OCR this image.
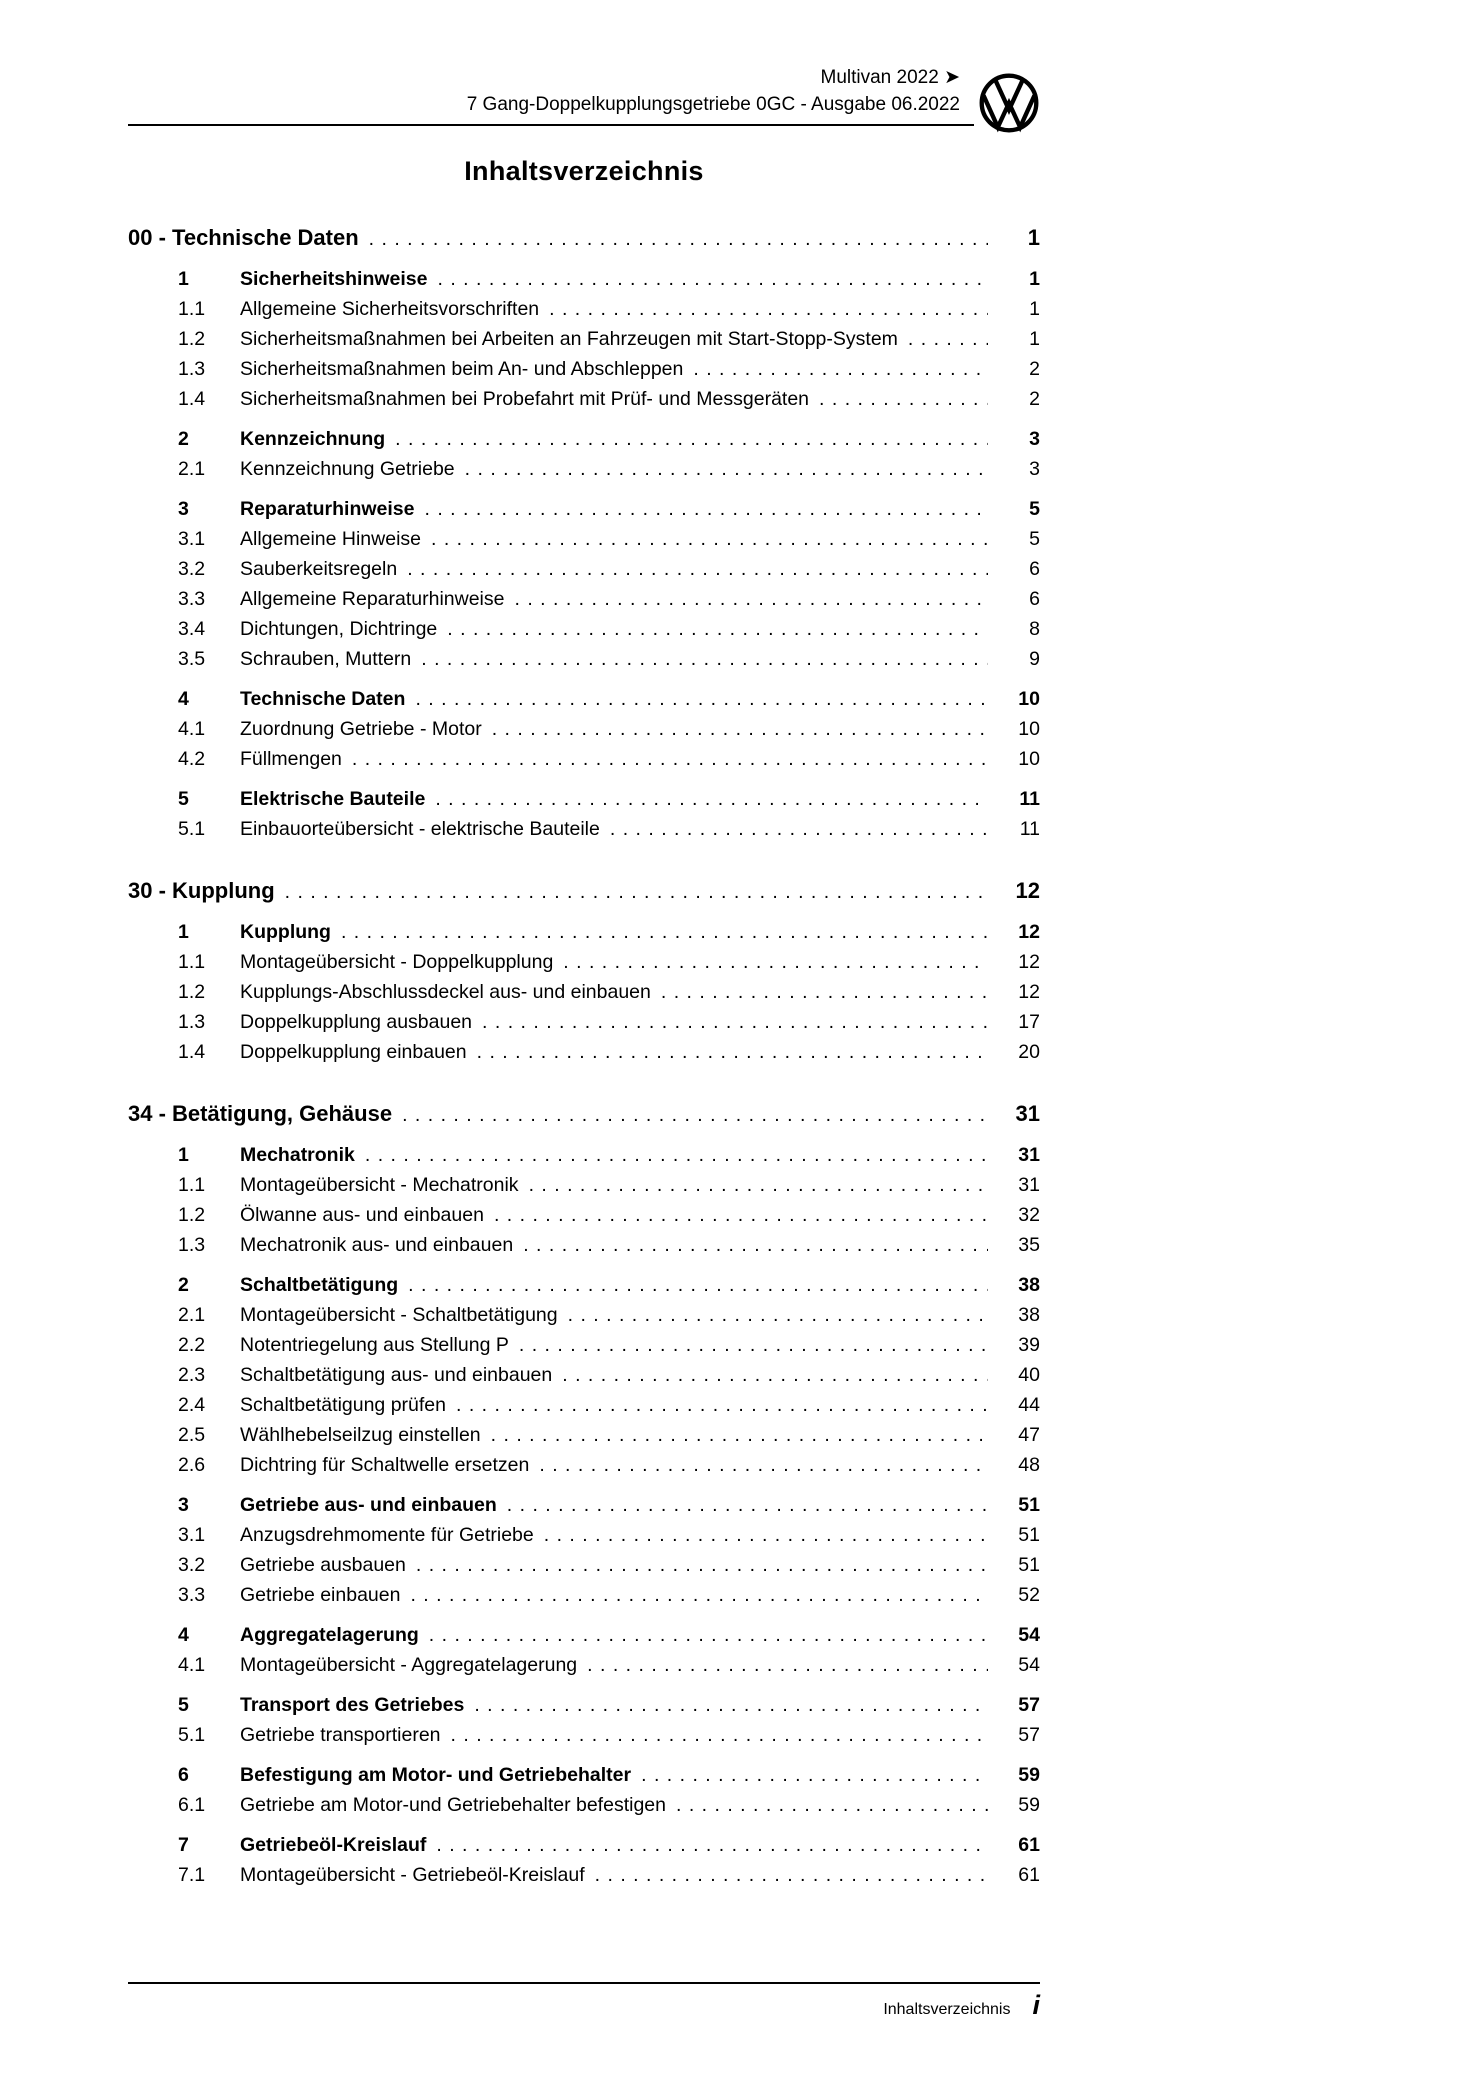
Multivan 2022 ➤
7 Gang-Doppelkupplungsgetriebe 0GC - Ausgabe 06.2022
Inhaltsverzeichnis
00 - Technische Daten . . .	1
1	Sicherheitshinweise . . .	1
1.1	Allgemeine Sicherheitsvorschriften . . .	1
1.2	Sicherheitsmaßnahmen bei Arbeiten an Fahrzeugen mit Start-Stopp-System . . .	1
1.3	Sicherheitsmaßnahmen beim An- und Abschleppen . . .	2
1.4	Sicherheitsmaßnahmen bei Probefahrt mit Prüf- und Messgeräten . . .	2
2	Kennzeichnung . . .	3
2.1	Kennzeichnung Getriebe . . .	3
3	Reparaturhinweise . . .	5
3.1	Allgemeine Hinweise . . .	5
3.2	Sauberkeitsregeln . . .	6
3.3	Allgemeine Reparaturhinweise . . .	6
3.4	Dichtungen, Dichtringe . . .	8
3.5	Schrauben, Muttern . . .	9
4	Technische Daten . . .	10
4.1	Zuordnung Getriebe - Motor . . .	10
4.2	Füllmengen . . .	10
5	Elektrische Bauteile . . .	11
5.1	Einbauorteübersicht - elektrische Bauteile . . .	11
30 - Kupplung . . .	12
1	Kupplung . . .	12
1.1	Montageübersicht - Doppelkupplung . . .	12
1.2	Kupplungs-Abschlussdeckel aus- und einbauen . . .	12
1.3	Doppelkupplung ausbauen . . .	17
1.4	Doppelkupplung einbauen . . .	20
34 - Betätigung, Gehäuse . . .	31
1	Mechatronik . . .	31
1.1	Montageübersicht - Mechatronik . . .	31
1.2	Ölwanne aus- und einbauen . . .	32
1.3	Mechatronik aus- und einbauen . . .	35
2	Schaltbetätigung . . .	38
2.1	Montageübersicht - Schaltbetätigung . . .	38
2.2	Notentriegelung aus Stellung P . . .	39
2.3	Schaltbetätigung aus- und einbauen . . .	40
2.4	Schaltbetätigung prüfen . . .	44
2.5	Wählhebelseilzug einstellen . . .	47
2.6	Dichtring für Schaltwelle ersetzen . . .	48
3	Getriebe aus- und einbauen . . .	51
3.1	Anzugsdrehmomente für Getriebe . . .	51
3.2	Getriebe ausbauen . . .	51
3.3	Getriebe einbauen . . .	52
4	Aggregatelagerung . . .	54
4.1	Montageübersicht - Aggregatelagerung . . .	54
5	Transport des Getriebes . . .	57
5.1	Getriebe transportieren . . .	57
6	Befestigung am Motor- und Getriebehalter . . .	59
6.1	Getriebe am Motor-und Getriebehalter befestigen . . .	59
7	Getriebeöl-Kreislauf . . .	61
7.1	Montageübersicht - Getriebeöl-Kreislauf . . .	61
Inhaltsverzeichnis i
